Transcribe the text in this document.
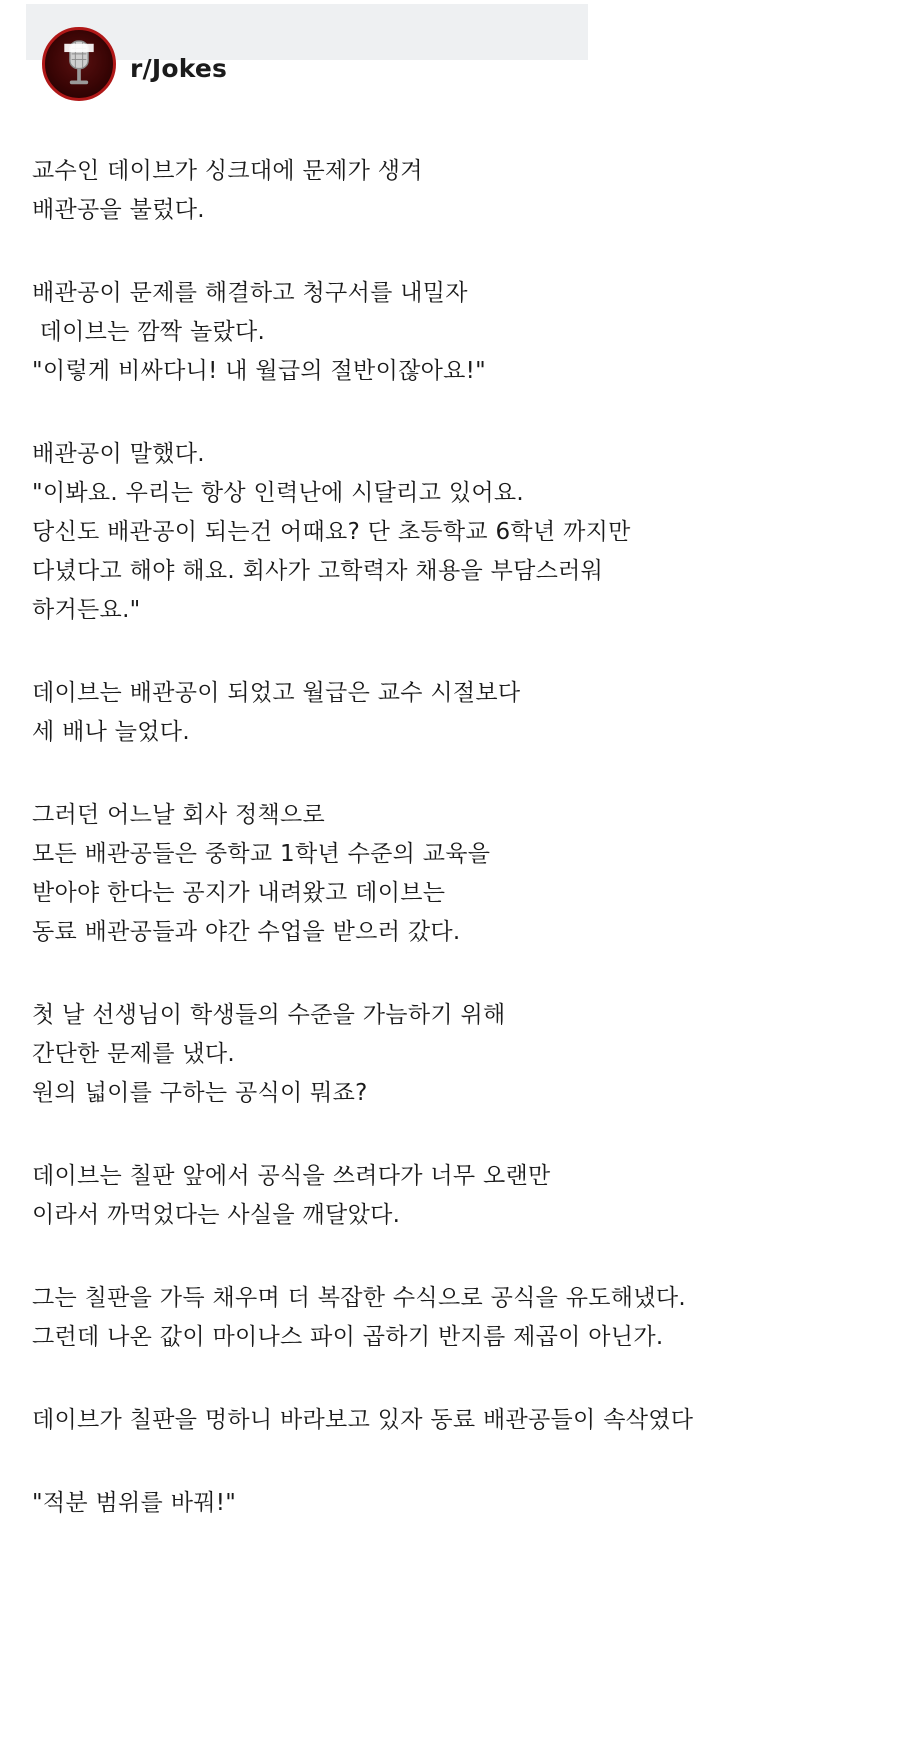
r/Jokes
교수인 데이브가 싱크대에 문제가 생겨
배관공을 불렀다.
배관공이 문제를 해결하고 청구서를 내밀자
데이브는 깜짝 놀랐다.
"이렇게 비싸다니! 내 월급의 절반이잖아요!"
배관공이 말했다.
"이봐요. 우리는 항상 인력난에 시달리고 있어요.
당신도 배관공이 되는건 어때요? 단 초등학교 6학년 까지만
다녔다고 해야 해요. 회사가 고학력자 채용을 부담스러워
하거든요."
데이브는 배관공이 되었고 월급은 교수 시절보다
세 배나 늘었다.
그러던 어느날 회사 정책으로
모든 배관공들은 중학교 1학년 수준의 교육을
받아야 한다는 공지가 내려왔고 데이브는
동료 배관공들과 야간 수업을 받으러 갔다.
첫 날 선생님이 학생들의 수준을 가늠하기 위해
간단한 문제를 냈다.
원의 넓이를 구하는 공식이 뭐죠?
데이브는 칠판 앞에서 공식을 쓰려다가 너무 오랜만
이라서 까먹었다는 사실을 깨달았다.
그는 칠판을 가득 채우며 더 복잡한 수식으로 공식을 유도해냈다.
그런데 나온 값이 마이나스 파이 곱하기 반지름 제곱이 아닌가.
데이브가 칠판을 멍하니 바라보고 있자 동료 배관공들이 속삭였다
"적분 범위를 바꿔!"
